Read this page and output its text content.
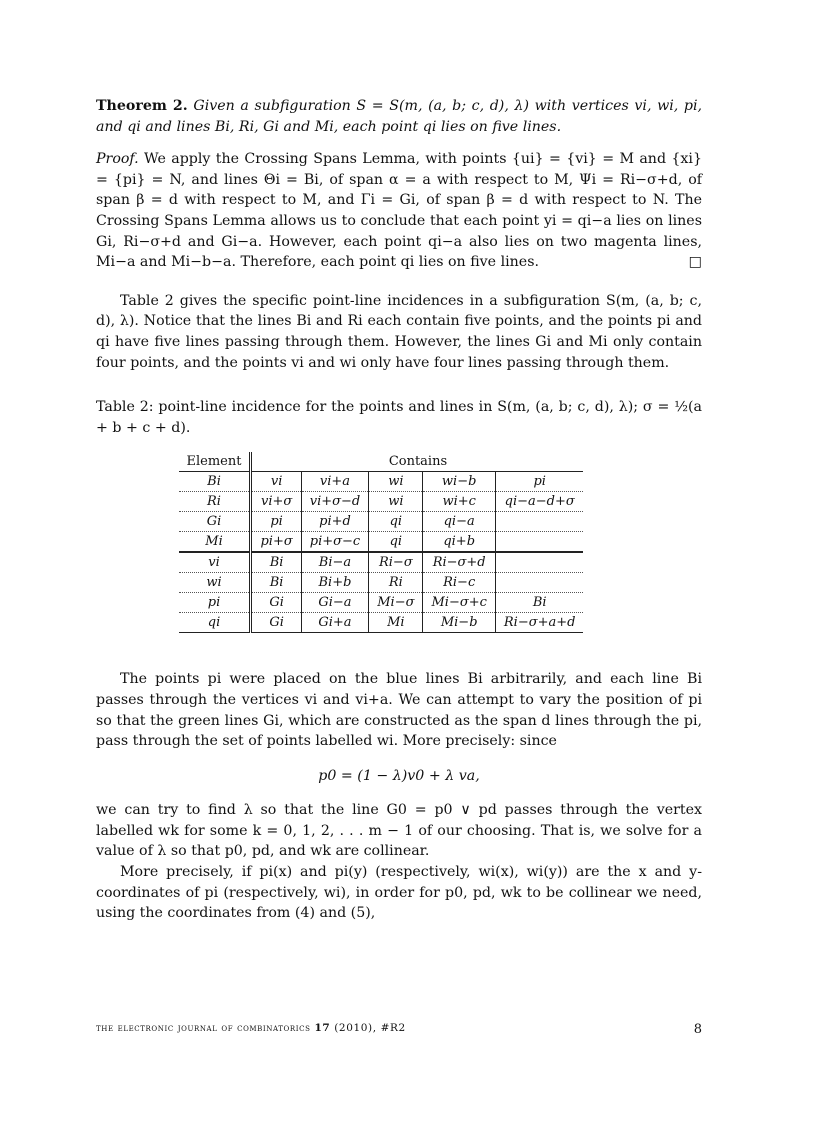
Theorem 2. Given a subfiguration S = S(m, (a, b; c, d), λ) with vertices vi, wi, pi, and qi and lines Bi, Ri, Gi and Mi, each point qi lies on five lines.

Proof. We apply the Crossing Spans Lemma, with points {ui} = {vi} = M and {xi} = {pi} = N, and lines Θi = Bi, of span α = a with respect to M, Ψi = Ri−σ+d, of span β = d with respect to M, and Γi = Gi, of span β = d with respect to N. The Crossing Spans Lemma allows us to conclude that each point yi = qi−a lies on lines Gi, Ri−σ+d and Gi−a. However, each point qi−a also lies on two magenta lines, Mi−a and Mi−b−a. Therefore, each point qi lies on five lines.	□

Table 2 gives the specific point-line incidences in a subfiguration S(m, (a, b; c, d), λ). Notice that the lines Bi and Ri each contain five points, and the points pi and qi have five lines passing through them. However, the lines Gi and Mi only contain four points, and the points vi and wi only have four lines passing through them.

Table 2: point-line incidence for the points and lines in S(m, (a, b; c, d), λ); σ = ½(a + b + c + d).

Element	Contains				
Bi	vi	vi+a	wi	wi−b	pi
Ri	vi+σ	vi+σ−d	wi	wi+c	qi−a−d+σ
Gi	pi	pi+d	qi	qi−a	
Mi	pi+σ	pi+σ−c	qi	qi+b	
vi	Bi	Bi−a	Ri−σ	Ri−σ+d	
wi	Bi	Bi+b	Ri	Ri−c	
pi	Gi	Gi−a	Mi−σ	Mi−σ+c	Bi
qi	Gi	Gi+a	Mi	Mi−b	Ri−σ+a+d

The points pi were placed on the blue lines Bi arbitrarily, and each line Bi passes through the vertices vi and vi+a. We can attempt to vary the position of pi so that the green lines Gi, which are constructed as the span d lines through the pi, pass through the set of points labelled wi. More precisely: since

p0 = (1 − λ)v0 + λ va,

we can try to find λ so that the line G0 = p0 ∨ pd passes through the vertex labelled wk for some k = 0, 1, 2, . . . m − 1 of our choosing. That is, we solve for a value of λ so that p0, pd, and wk are collinear.

More precisely, if pi(x) and pi(y) (respectively, wi(x), wi(y)) are the x and y-coordinates of pi (respectively, wi), in order for p0, pd, wk to be collinear we need, using the coordinates from (4) and (5),

the electronic journal of combinatorics 17 (2010), #R2	8
